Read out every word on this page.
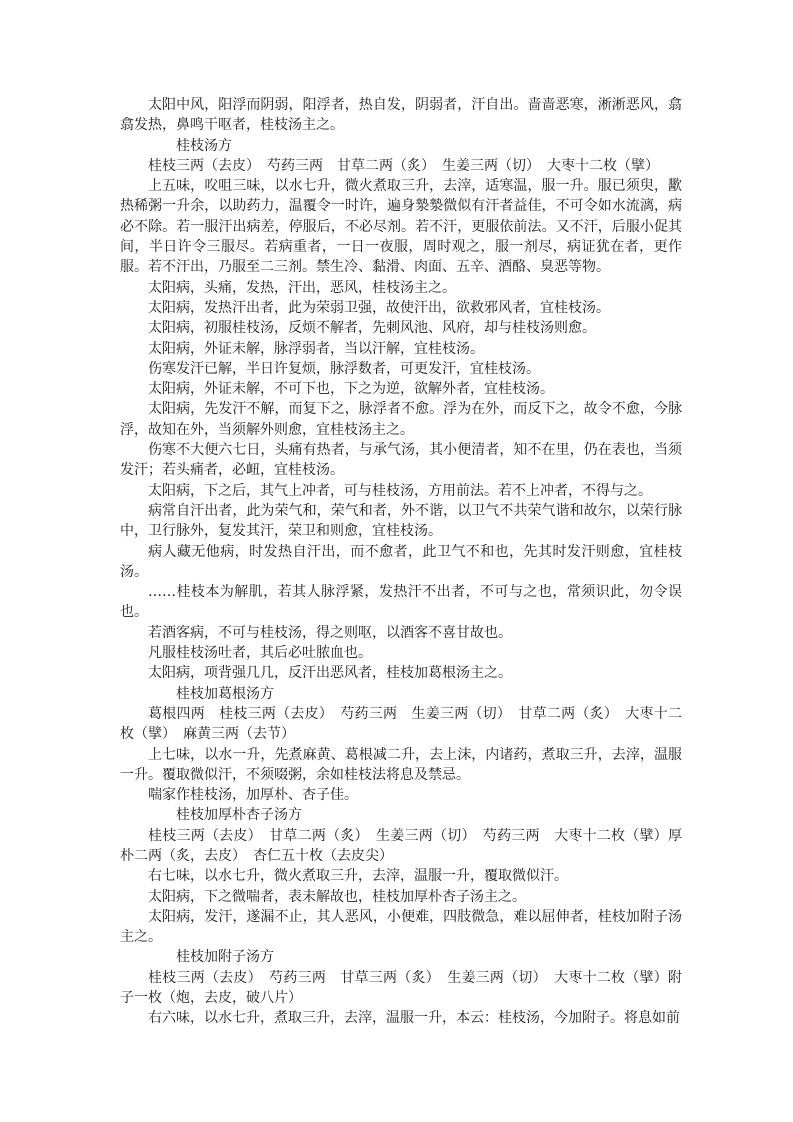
太阳中风，阳浮而阴弱，阳浮者，热自发，阴弱者，汗自出。啬啬恶寒，淅淅恶风，翕翕发热，鼻鸣干呕者，桂枝汤主之。

桂枝汤方

桂枝三两（去皮）　芍药三两　甘草二两（炙）　生姜三两（切）　大枣十二枚（擘）

上五味，㕮咀三味，以水七升，微火煮取三升，去滓，适寒温，服一升。服已须臾，歠热稀粥一升余，以助药力，温覆令一时许，遍身漐漐微似有汗者益佳，不可令如水流漓，病必不除。若一服汗出病差，停服后，不必尽剂。若不汗，更服依前法。又不汗，后服小促其间，半日许令三服尽。若病重者，一日一夜服，周时观之，服一剂尽，病证犹在者，更作服。若不汗出，乃服至二三剂。禁生冷、黏滑、肉面、五辛、酒酪、臭恶等物。

太阳病，头痛，发热，汗出，恶风，桂枝汤主之。

太阳病，发热汗出者，此为荣弱卫强，故使汗出，欲救邪风者，宜桂枝汤。

太阳病，初服桂枝汤，反烦不解者，先刺风池、风府，却与桂枝汤则愈。

太阳病，外证未解，脉浮弱者，当以汗解，宜桂枝汤。

伤寒发汗已解，半日许复烦，脉浮数者，可更发汗，宜桂枝汤。

太阳病，外证未解，不可下也，下之为逆，欲解外者，宜桂枝汤。

太阳病，先发汗不解，而复下之，脉浮者不愈。浮为在外，而反下之，故令不愈，今脉浮，故知在外，当须解外则愈，宜桂枝汤主之。

伤寒不大便六七日，头痛有热者，与承气汤，其小便清者，知不在里，仍在表也，当须发汗；若头痛者，必衄，宜桂枝汤。

太阳病，下之后，其气上冲者，可与桂枝汤，方用前法。若不上冲者，不得与之。

病常自汗出者，此为荣气和，荣气和者，外不谐，以卫气不共荣气谐和故尔，以荣行脉中，卫行脉外，复发其汗，荣卫和则愈，宜桂枝汤。

病人藏无他病，时发热自汗出，而不愈者，此卫气不和也，先其时发汗则愈，宜桂枝汤。

……桂枝本为解肌，若其人脉浮紧，发热汗不出者，不可与之也，常须识此，勿令误也。

若酒客病，不可与桂枝汤，得之则呕，以酒客不喜甘故也。

凡服桂枝汤吐者，其后必吐脓血也。

太阳病，项背强几几，反汗出恶风者，桂枝加葛根汤主之。

桂枝加葛根汤方

葛根四两　桂枝三两（去皮）　芍药三两　生姜三两（切）　甘草二两（炙）　大枣十二枚（擘）　麻黄三两（去节）

上七味，以水一升，先煮麻黄、葛根减二升，去上沫，内诸药，煮取三升，去滓，温服一升。覆取微似汗，不须啜粥，余如桂枝法将息及禁忌。

喘家作桂枝汤，加厚朴、杏子佳。

桂枝加厚朴杏子汤方

桂枝三两（去皮）　甘草二两（炙）　生姜三两（切）　芍药三两　大枣十二枚（擘）厚朴二两（炙，去皮）　杏仁五十枚（去皮尖）

右七味，以水七升，微火煮取三升，去滓，温服一升，覆取微似汗。

太阳病，下之微喘者，表未解故也，桂枝加厚朴杏子汤主之。

太阳病，发汗，遂漏不止，其人恶风，小便难，四肢微急，难以屈伸者，桂枝加附子汤主之。

桂枝加附子汤方

桂枝三两（去皮）　芍药三两　甘草三两（炙）　生姜三两（切）　大枣十二枚（擘）附子一枚（炮，去皮，破八片）

右六味，以水七升，煮取三升，去滓，温服一升，本云：桂枝汤，今加附子。将息如前
